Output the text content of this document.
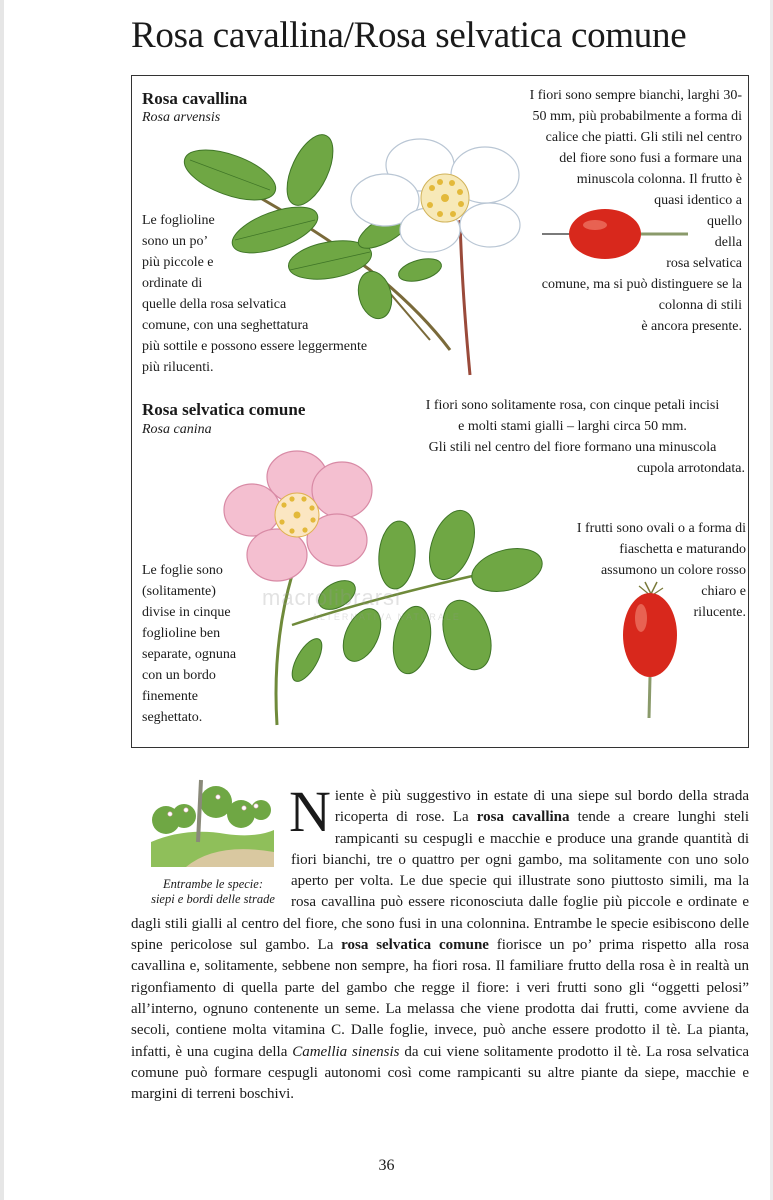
Rosa cavallina/Rosa selvatica comune
Rosa cavallina
Rosa arvensis
I fiori sono sempre bianchi, larghi 30-
50 mm, più probabilmente a forma di
calice che piatti. Gli stili nel centro
del fiore sono fusi a formare una
minuscola colonna. Il frutto è
quasi identico a
quello
della
rosa selvatica
comune, ma si può distinguere se la
colonna di stili
è ancora presente.
Le foglioline
sono un po’
più piccole e
ordinate di
quelle della rosa selvatica
comune, con una seghettatura
più sottile e possono essere leggermente
più rilucenti.
Rosa selvatica comune
Rosa canina
I fiori sono solitamente rosa, con cinque petali incisi
e molti stami gialli – larghi circa 50 mm.
Gli stili nel centro del fiore formano una minuscola
cupola arrotondata.
I frutti sono ovali o a forma di
fiaschetta e maturando
assumono un colore rosso
chiaro e
rilucente.
Le foglie sono
(solitamente)
divise in cinque
foglioline ben
separate, ognuna
con un bordo
finemente
seghettato.
macrolibrarsi
ALTERNATIVA NATURALE
Entrambe le specie:
siepi e bordi delle strade
Niente è più suggestivo in estate di una siepe sul bordo della strada ricoperta di rose. La rosa cavallina tende a creare lunghi steli rampicanti su cespugli e macchie e produce una grande quantità di fiori bianchi, tre o quattro per ogni gambo, ma solitamente con uno solo aperto per volta. Le due specie qui illustrate sono piuttosto simili, ma la rosa cavallina può essere riconosciuta dalle foglie più piccole e ordinate e dagli stili gialli al centro del fiore, che sono fusi in una colonnina. Entrambe le specie esibiscono delle spine pericolose sul gambo. La rosa selvatica comune fiorisce un po’ prima rispetto alla rosa cavallina e, solitamente, sebbene non sempre, ha fiori rosa. Il familiare frutto della rosa è in realtà un rigonfiamento di quella parte del gambo che regge il fiore: i veri frutti sono gli “oggetti pelosi” all’interno, ognuno contenente un seme. La melassa che viene prodotta dai frutti, come avviene da secoli, contiene molta vitamina C. Dalle foglie, invece, può anche essere prodotto il tè. La pianta, infatti, è una cugina della Camellia sinensis da cui viene solitamente prodotto il tè. La rosa selvatica comune può formare cespugli autonomi così come rampicanti su altre piante da siepe, macchie e margini di terreni boschivi.
36
